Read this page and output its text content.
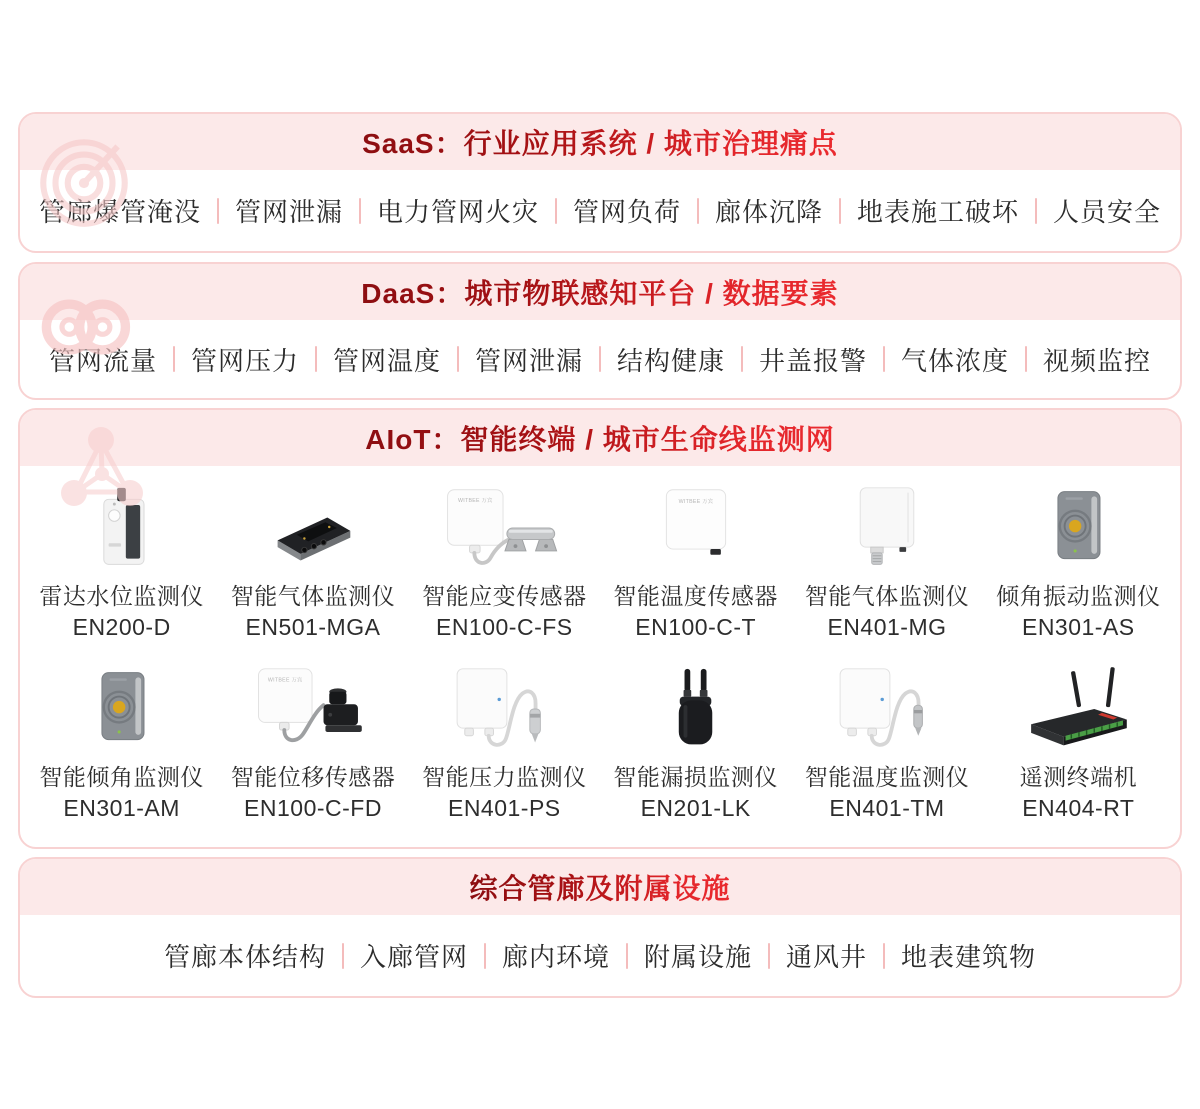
SaaS：行业应用系统 / 城市治理痛点
管廊爆管淹没 管网泄漏 电力管网火灾 管网负荷 廊体沉降 地表施工破坏 人员安全
DaaS：城市物联感知平台 / 数据要素
管网流量 管网压力 管网温度 管网泄漏 结构健康 井盖报警 气体浓度 视频监控
AIoT：智能终端 / 城市生命线监测网
雷达水位监测仪
EN200-D
智能气体监测仪
EN501-MGA
WITBEE 万宾
智能应变传感器
EN100-C-FS
WITBEE 万宾
智能温度传感器
EN100-C-T
智能气体监测仪
EN401-MG
倾角振动监测仪
EN301-AS
智能倾角监测仪
EN301-AM
WITBEE 万宾
智能位移传感器
EN100-C-FD
智能压力监测仪
EN401-PS
智能漏损监测仪
EN201-LK
智能温度监测仪
EN401-TM
遥测终端机
EN404-RT
综合管廊及附属设施
管廊本体结构 入廊管网 廊内环境 附属设施 通风井 地表建筑物
